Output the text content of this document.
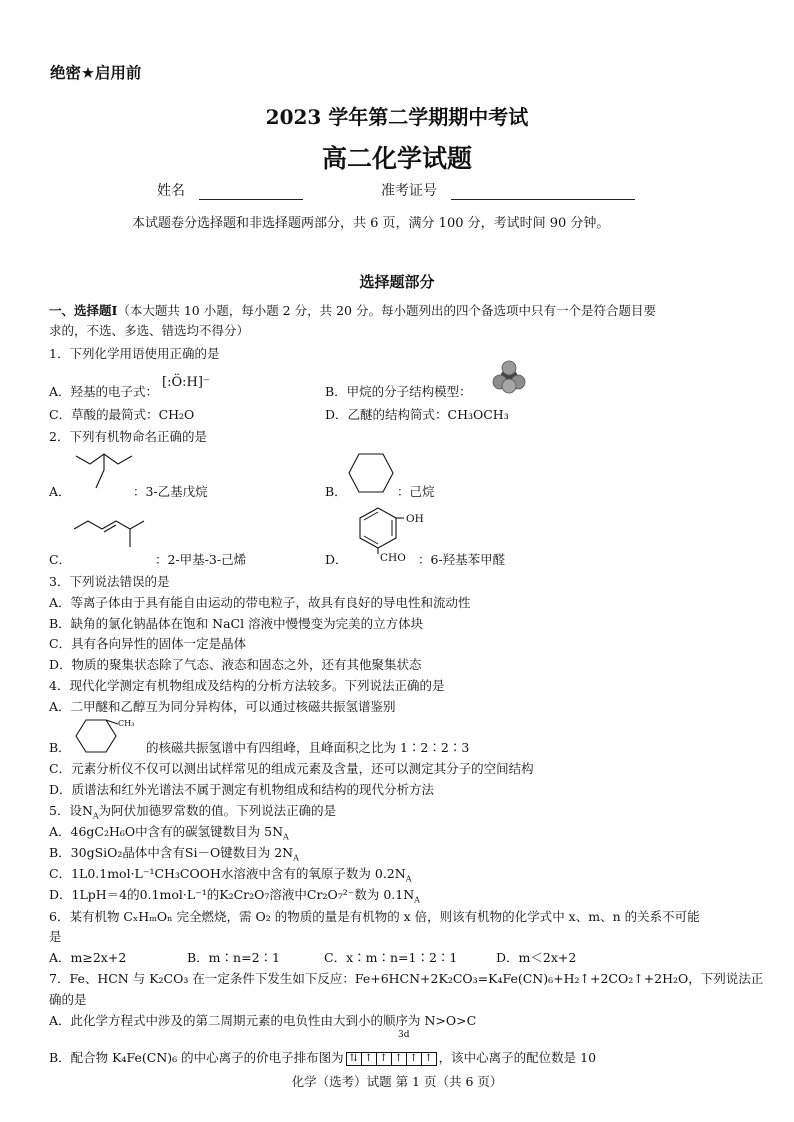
绝密★启用前
2023 学年第二学期期中考试
高二化学试题
姓名	准考证号
本试题卷分选择题和非选择题两部分，共 6 页，满分 100 分，考试时间 90 分钟。
选择题部分
一、选择题Ⅰ（本大题共 10 小题，每小题 2 分，共 20 分。每小题列出的四个备选项中只有一个是符合题目要
求的，不选、多选、错选均不得分）
1．下列化学用语使用正确的是
A．羟基的电子式： [:Ö:H]⁻
B．甲烷的分子结构模型：
C．草酸的最简式：CH₂O	D．乙醚的结构简式：CH₃OCH₃
2．下列有机物命名正确的是
A．	：3-乙基戊烷	B．	：己烷
C．	：2-甲基-3-己烯	D．
OH
CHO ：6-羟基苯甲醛
3．下列说法错误的是
A．等离子体由于具有能自由运动的带电粒子，故具有良好的导电性和流动性
B．缺角的氯化钠晶体在饱和 NaCl 溶液中慢慢变为完美的立方体块
C．具有各向异性的固体一定是晶体
D．物质的聚集状态除了气态、液态和固态之外，还有其他聚集状态
4．现代化学测定有机物组成及结构的分析方法较多。下列说法正确的是
A．二甲醚和乙醇互为同分异构体，可以通过核磁共振氢谱鉴别
B．
CH₃
的核磁共振氢谱中有四组峰，且峰面积之比为 1∶2∶2∶3
C．元素分析仪不仅可以测出试样常见的组成元素及含量，还可以测定其分子的空间结构
D．质谱法和红外光谱法不属于测定有机物组成和结构的现代分析方法
5．设$N_A$为阿伏加德罗常数的值。下列说法正确的是
A．46gC₂H₆O中含有的碳氢键数目为 $5N_A$
B．30gSiO₂晶体中含有Si－O键数目为 $2N_A$
C．1L0.1mol·L⁻¹CH₃COOH水溶液中含有的氧原子数为 $0.2N_A$
D．1LpH＝4的0.1mol·L⁻¹的K₂Cr₂O₇溶液中Cr₂O₇²⁻数为 $0.1N_A$
6．某有机物 CₓHₘOₙ 完全燃烧，需 O₂ 的物质的量是有机物的 x 倍，则该有机物的化学式中 x、m、n 的关系不可能
是
A．m≥2x+2	B．m∶n=2∶1	C．x∶m∶n=1∶2∶1	D．m＜2x+2
7．Fe、HCN 与 K₂CO₃ 在一定条件下发生如下反应：Fe+6HCN+2K₂CO₃=K₄Fe(CN)₆+H₂↑+2CO₂↑+2H₂O，下列说法正
确的是
A．此化学方程式中涉及的第二周期元素的电负性由大到小的顺序为 N>O>C
3d
B．配合物 K₄Fe(CN)₆ 的中心离子的价电子排布图为 ⇅ ↑ ↑ ↑ ↑ ↑ ，该中心离子的配位数是 10
化学（选考）试题 第 1 页（共 6 页）
